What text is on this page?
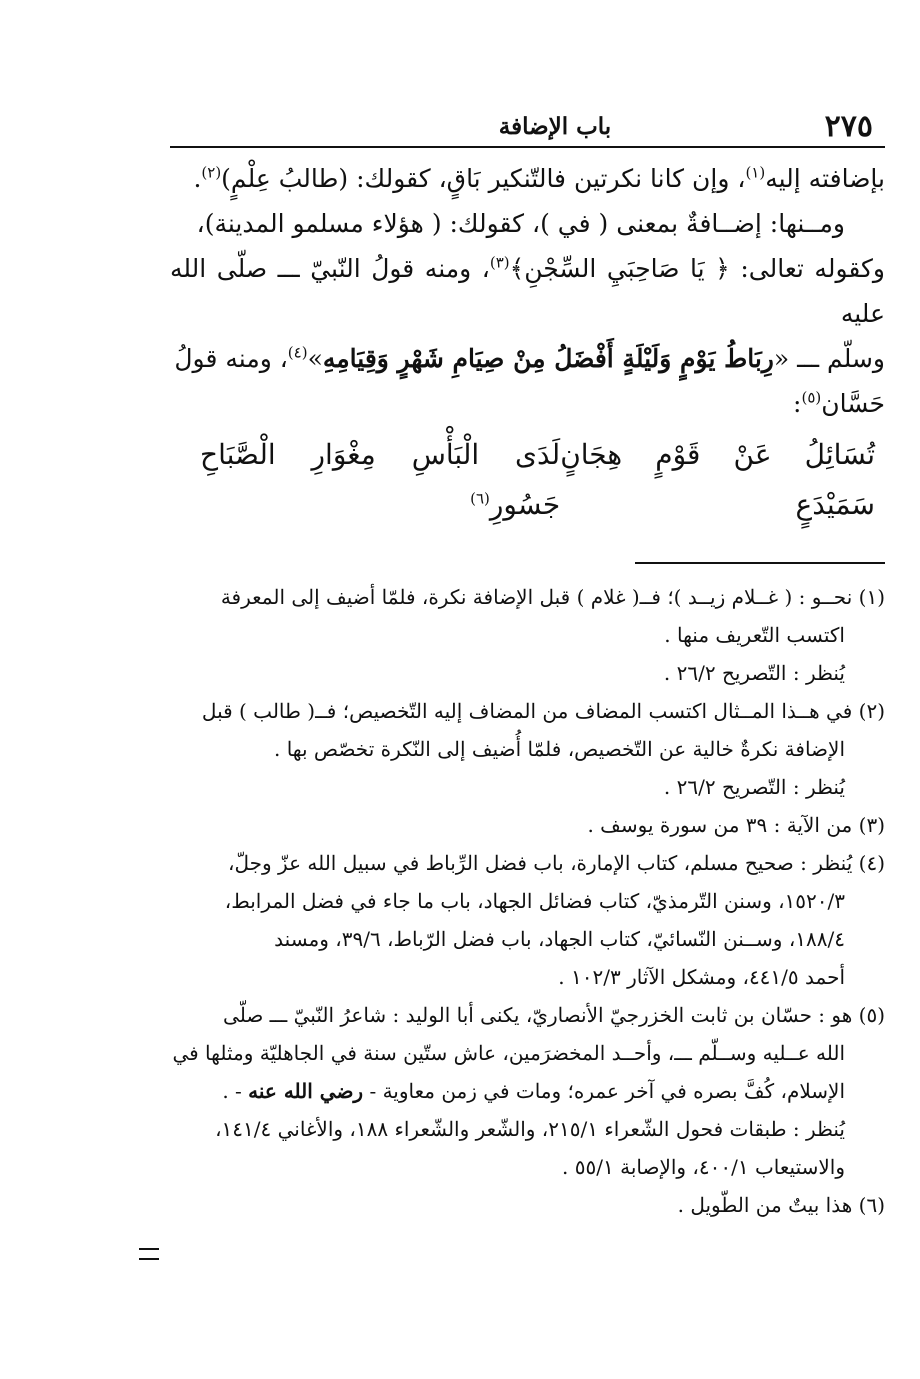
٢٧٥
باب الإضافة

بإضافته إليه$^{(١)}$، وإن كانا نكرتين فالتّنكير بَاقٍ، كقولك: (طالبُ عِلْمٍ)$^{(٢)}$.

ومــنها: إضــافةٌ بمعنى ( في )، كقولك: ( هؤلاء مسلمو المدينة)،

وكقوله تعالى: ﴿ يَا صَاحِبَيِ السِّجْنِ﴾$^{(٣)}$، ومنه قولُ النّبيّ ـــ صلّى الله عليه

وسلّم ـــ «رِبَاطُ يَوْمٍ وَلَيْلَةٍ أَفْضَلُ مِنْ صِيَامِ شَهْرٍ وَقِيَامِهِ»$^{(٤)}$، ومنه قولُ

حَسَّان$^{(٥)}$:

تُسَائِلُ عَنْ قَوْمٍ هِجَانٍ سَمَيْدَعٍ
لَدَى الْبَأْسِ مِغْوَارِ الْصَّبَاحِ جَسُورِ$^{(٦)}$

(١) نحــو : ( غــلام زيــد )؛ فــ( غلام ) قبل الإضافة نكرة، فلمّا أضيف إلى المعرفة

اكتسب التّعريف منها .

يُنظر : التّصريح ٢٦/٢ .

(٢) في هــذا المــثال اكتسب المضاف من المضاف إليه التّخصيص؛ فــ( طالب ) قبل

الإضافة نكرةٌ خالية عن التّخصيص، فلمّا أُضيف إلى النّكرة تخصّص بها .

يُنظر : التّصريح ٢٦/٢ .

(٣) من الآية : ٣٩ من سورة يوسف .

(٤) يُنظر : صحيح مسلم، كتاب الإمارة، باب فضل الرِّباط في سبيل الله عزّ وجلّ،

١٥٢٠/٣، وسنن التّرمذيّ، كتاب فضائل الجهاد، باب ما جاء في فضل المرابط،

١٨٨/٤، وســنن النّسائيّ، كتاب الجهاد، باب فضل الرّباط، ٣٩/٦، ومسند

أحمد ٤٤١/٥، ومشكل الآثار ١٠٢/٣ .

(٥) هو : حسّان بن ثابت الخزرجيّ الأنصاريّ، يكنى أبا الوليد : شاعرُ النّبيّ ـــ صلّى

الله عــليه وســلّم ـــ، وأحــد المخضرَمين، عاش ستّين سنة في الجاهليّة ومثلها في

الإسلام، كُفَّ بصره في آخر عمره؛ ومات في زمن معاوية - رضي الله عنه - .

يُنظر : طبقات فحول الشّعراء ٢١٥/١، والشّعر والشّعراء ١٨٨، والأغاني ١٤١/٤،

والاستيعاب ٤٠٠/١، والإصابة ٥٥/١ .

(٦) هذا بيتٌ من الطّويل .
